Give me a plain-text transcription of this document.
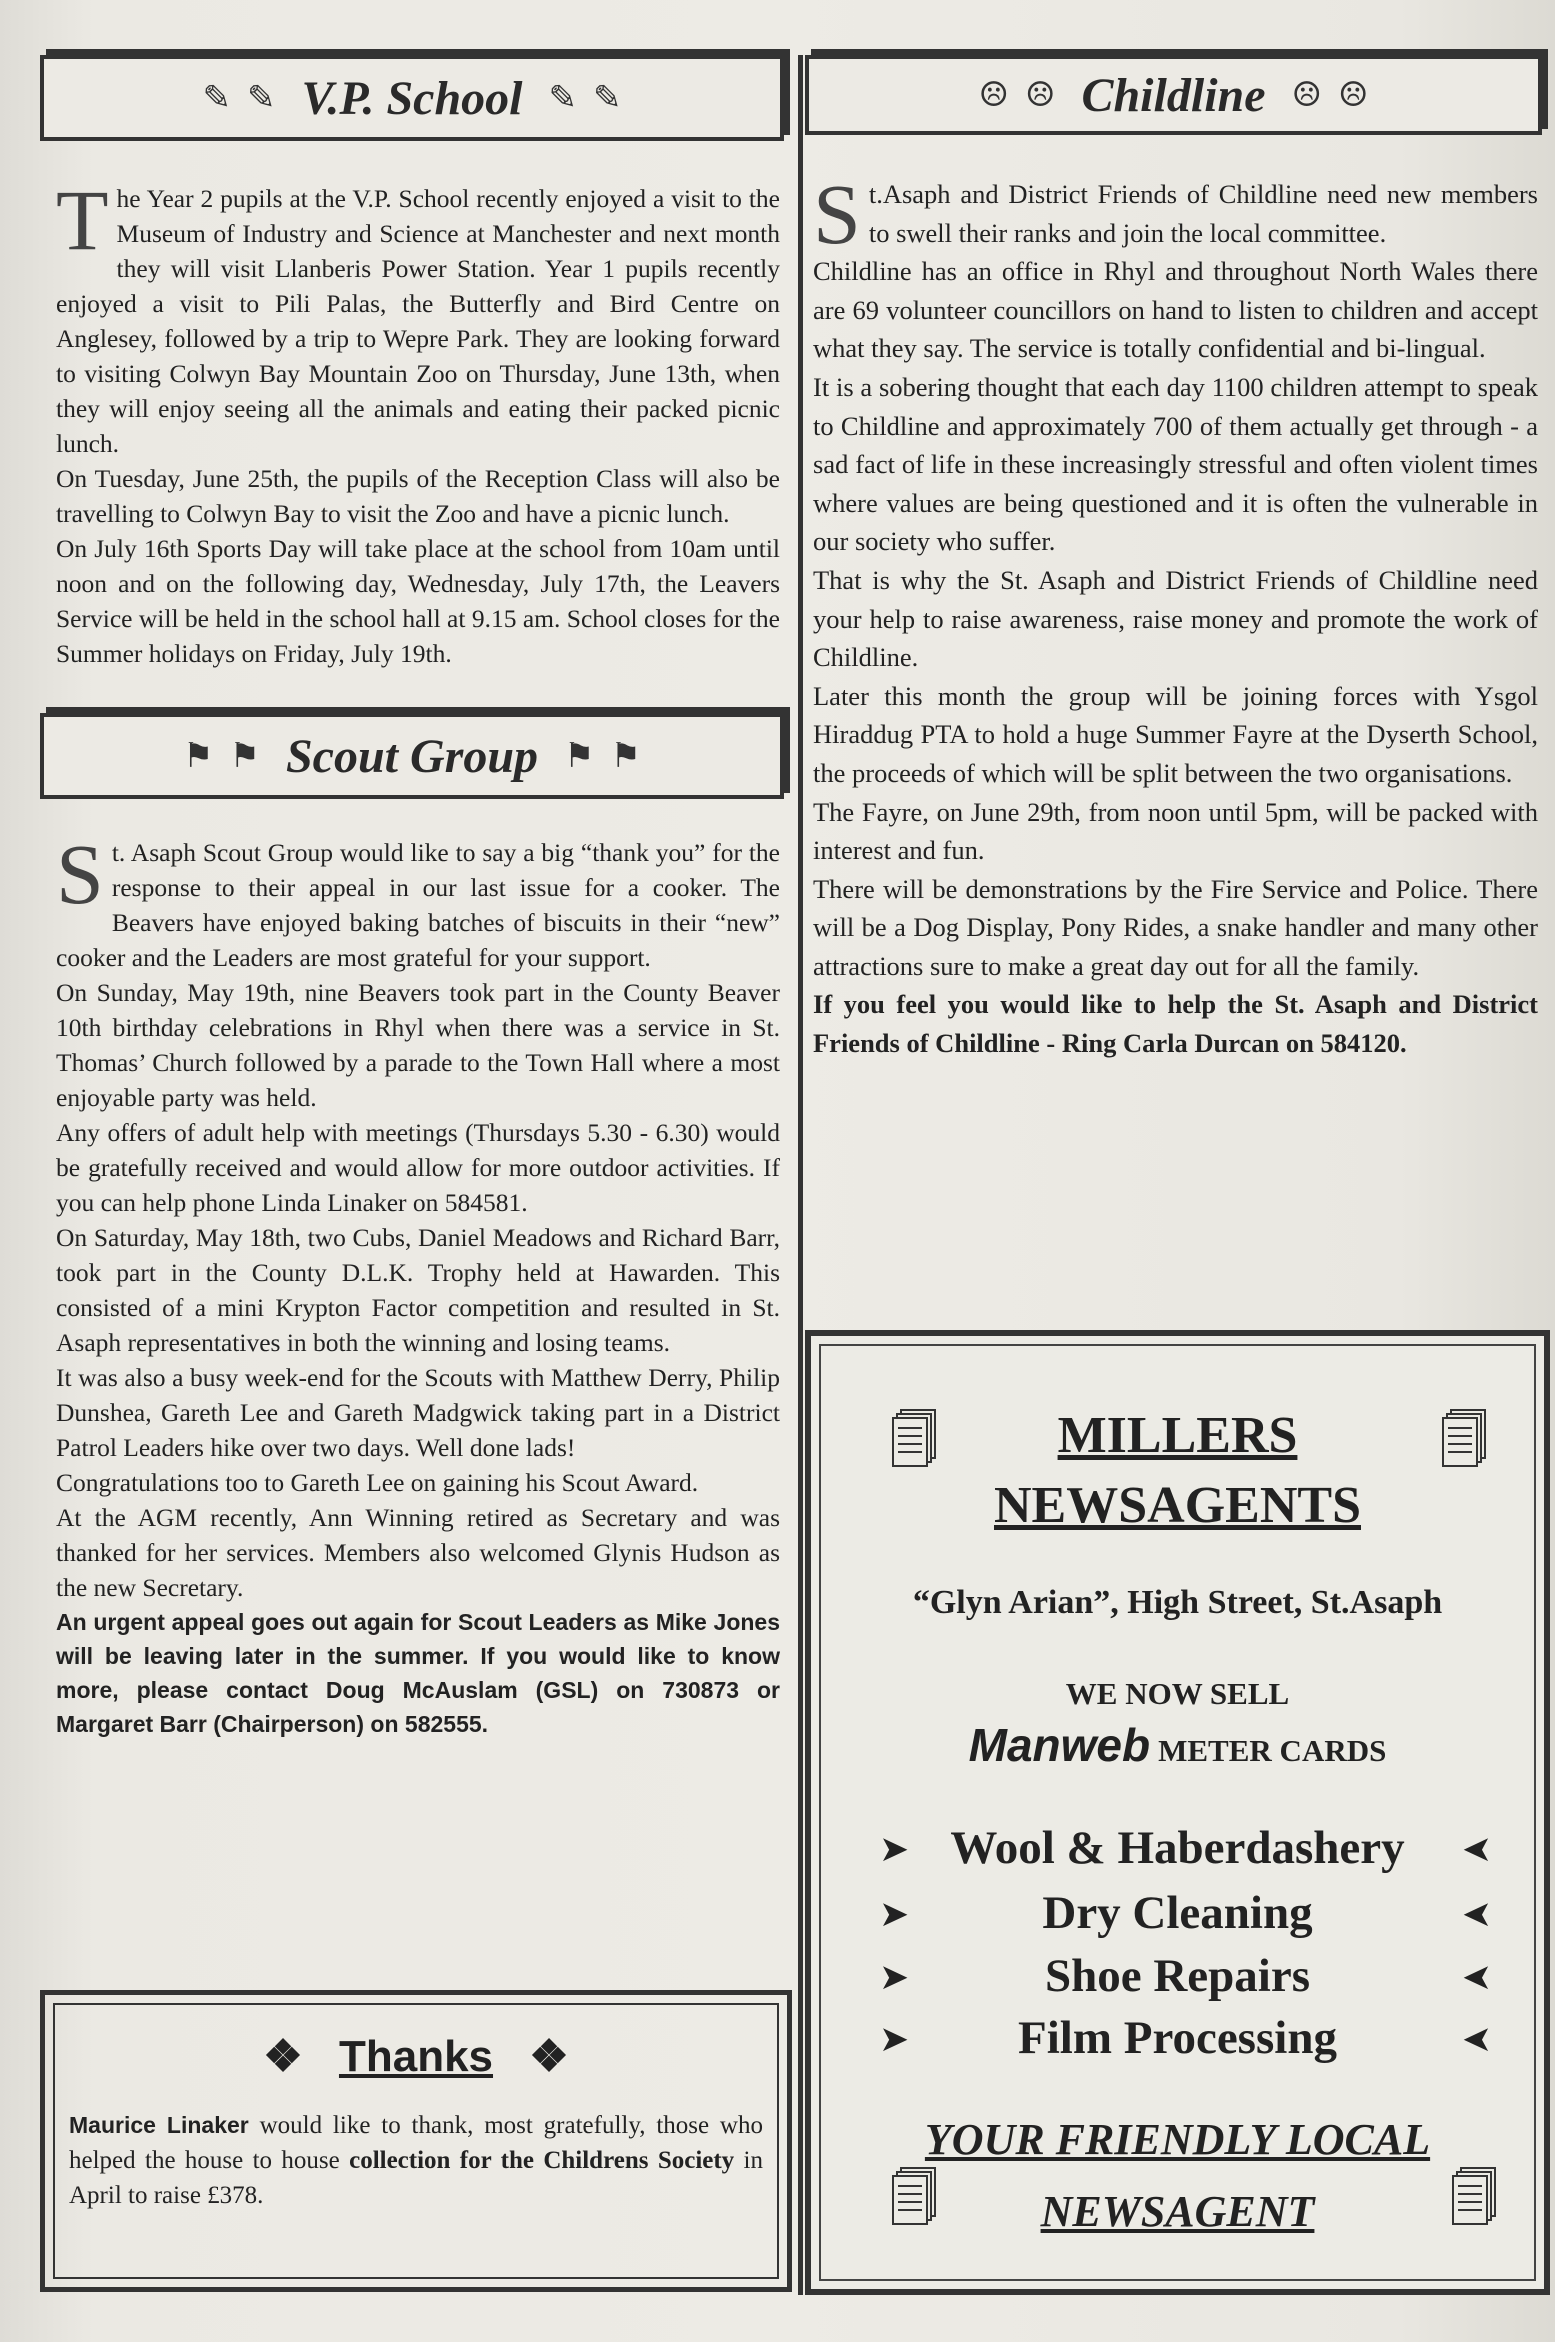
✎ ✎ V.P. School ✎ ✎

The Year 2 pupils at the V.P. School recently enjoyed a visit to the Museum of Industry and Science at Manchester and next month they will visit Llanberis Power Station. Year 1 pupils recently enjoyed a visit to Pili Palas, the Butterfly and Bird Centre on Anglesey, followed by a trip to Wepre Park. They are looking forward to visiting Colwyn Bay Mountain Zoo on Thursday, June 13th, when they will enjoy seeing all the animals and eating their packed picnic lunch.

On Tuesday, June 25th, the pupils of the Reception Class will also be travelling to Colwyn Bay to visit the Zoo and have a picnic lunch.

On July 16th Sports Day will take place at the school from 10am until noon and on the following day, Wednesday, July 17th, the Leavers Service will be held in the school hall at 9.15 am. School closes for the Summer holidays on Friday, July 19th.

⚑ ⚑ Scout Group ⚑ ⚑

St. Asaph Scout Group would like to say a big “thank you” for the response to their appeal in our last issue for a cooker. The Beavers have enjoyed baking batches of biscuits in their “new” cooker and the Leaders are most grateful for your support.

On Sunday, May 19th, nine Beavers took part in the County Beaver 10th birthday celebrations in Rhyl when there was a service in St. Thomas’ Church followed by a parade to the Town Hall where a most enjoyable party was held.

Any offers of adult help with meetings (Thursdays 5.30 - 6.30) would be gratefully received and would allow for more outdoor activities. If you can help phone Linda Linaker on 584581.

On Saturday, May 18th, two Cubs, Daniel Meadows and Richard Barr, took part in the County D.L.K. Trophy held at Hawarden. This consisted of a mini Krypton Factor competition and resulted in St. Asaph representatives in both the winning and losing teams.

It was also a busy week-end for the Scouts with Matthew Derry, Philip Dunshea, Gareth Lee and Gareth Madgwick taking part in a District Patrol Leaders hike over two days. Well done lads!

Congratulations too to Gareth Lee on gaining his Scout Award.

At the AGM recently, Ann Winning retired as Secretary and was thanked for her services. Members also welcomed Glynis Hudson as the new Secretary.

An urgent appeal goes out again for Scout Leaders as Mike Jones will be leaving later in the summer. If you would like to know more, please contact Doug McAuslam (GSL) on 730873 or Margaret Barr (Chairperson) on 582555.

❖ Thanks ❖
Maurice Linaker would like to thank, most gratefully, those who helped the house to house collection for the Childrens Society in April to raise £378.
☹ ☹ Childline ☹ ☹

St.Asaph and District Friends of Childline need new members to swell their ranks and join the local committee.

Childline has an office in Rhyl and throughout North Wales there are 69 volunteer councillors on hand to listen to children and accept what they say. The service is totally confidential and bi-lingual.

It is a sobering thought that each day 1100 children attempt to speak to Childline and approximately 700 of them actually get through - a sad fact of life in these increasingly stressful and often violent times where values are being questioned and it is often the vulnerable in our society who suffer.

That is why the St. Asaph and District Friends of Childline need your help to raise awareness, raise money and promote the work of Childline.

Later this month the group will be joining forces with Ysgol Hiraddug PTA to hold a huge Summer Fayre at the Dyserth School, the proceeds of which will be split between the two organisations.

The Fayre, on June 29th, from noon until 5pm, will be packed with interest and fun.

There will be demonstrations by the Fire Service and Police. There will be a Dog Display, Pony Rides, a snake handler and many other attractions sure to make a great day out for all the family.

If you feel you would like to help the St. Asaph and District Friends of Childline - Ring Carla Durcan on 584120.

MILLERS
NEWSAGENTS
“Glyn Arian”, High Street, St.Asaph
WE NOW SELL
Manweb METER CARDS
➤ Wool & Haberdashery	➤
➤	Dry Cleaning	➤
➤	Shoe Repairs	➤
➤	Film Processing	➤
YOUR FRIENDLY LOCAL
NEWSAGENT
